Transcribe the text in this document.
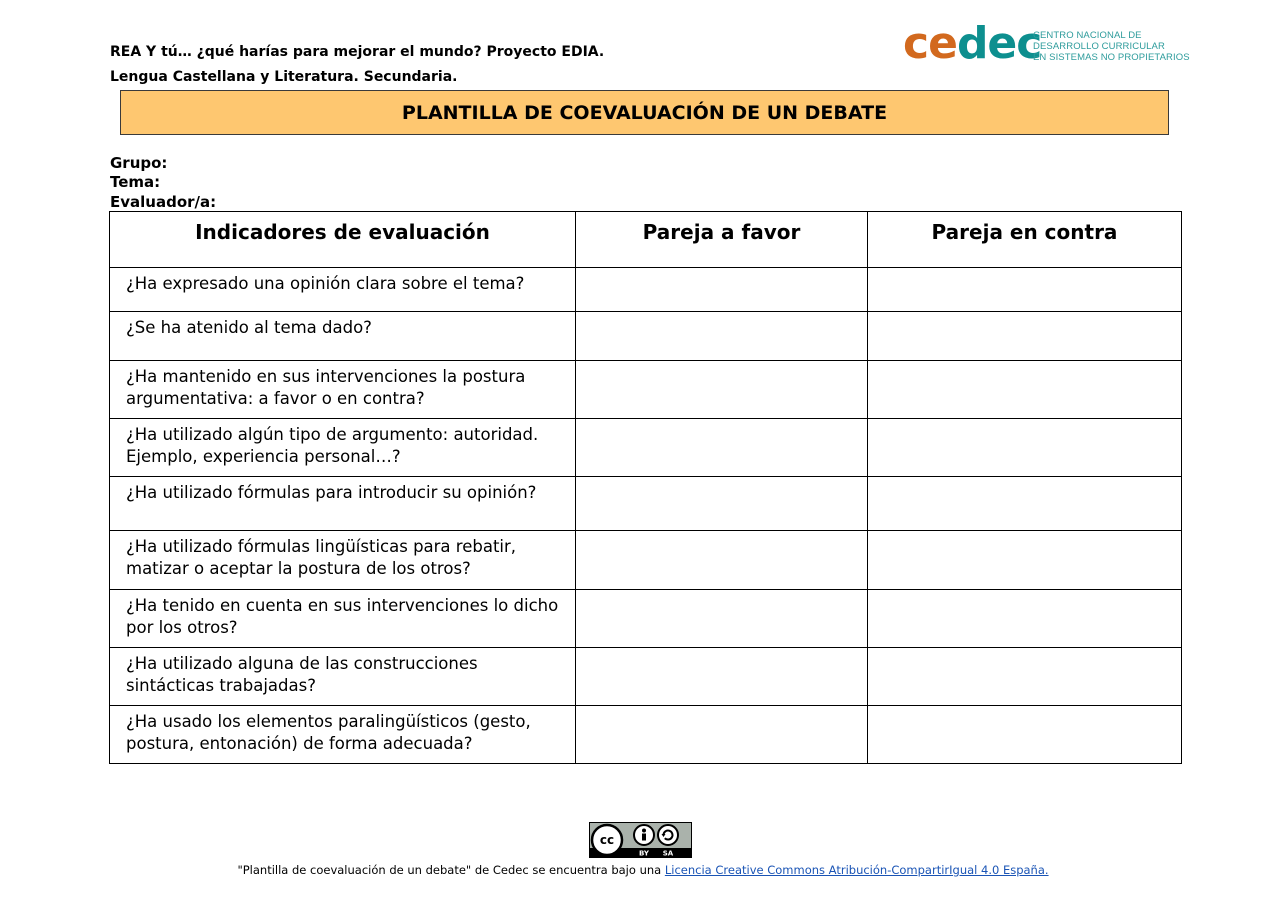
REA Y tú… ¿qué harías para mejorar el mundo? Proyecto EDIA.
Lengua Castellana y Literatura. Secundaria.
cedec
CENTRO NACIONAL DE
DESARROLLO CURRICULAR
EN SISTEMAS NO PROPIETARIOS
PLANTILLA DE COEVALUACIÓN DE UN DEBATE
Grupo:
Tema:
Evaluador/a:
Indicadores de evaluación	Pareja a favor	Pareja en contra
¿Ha expresado una opinión clara sobre el tema?		
¿Se ha atenido al tema dado?		
¿Ha mantenido en sus intervenciones la postura argumentativa: a favor o en contra?		
¿Ha utilizado algún tipo de argumento: autoridad. Ejemplo, experiencia personal…?		
¿Ha utilizado fórmulas para introducir su opinión?		
¿Ha utilizado fórmulas lingüísticas para rebatir, matizar o aceptar la postura de los otros?		
¿Ha tenido en cuenta en sus intervenciones lo dicho por los otros?		
¿Ha utilizado alguna de las construcciones sintácticas trabajadas?		
¿Ha usado los elementos paralingüísticos (gesto, postura, entonación) de forma adecuada?		
cc
BY SA
"Plantilla de coevaluación de un debate" de Cedec se encuentra bajo una Licencia Creative Commons Atribución-CompartirIgual 4.0 España.
